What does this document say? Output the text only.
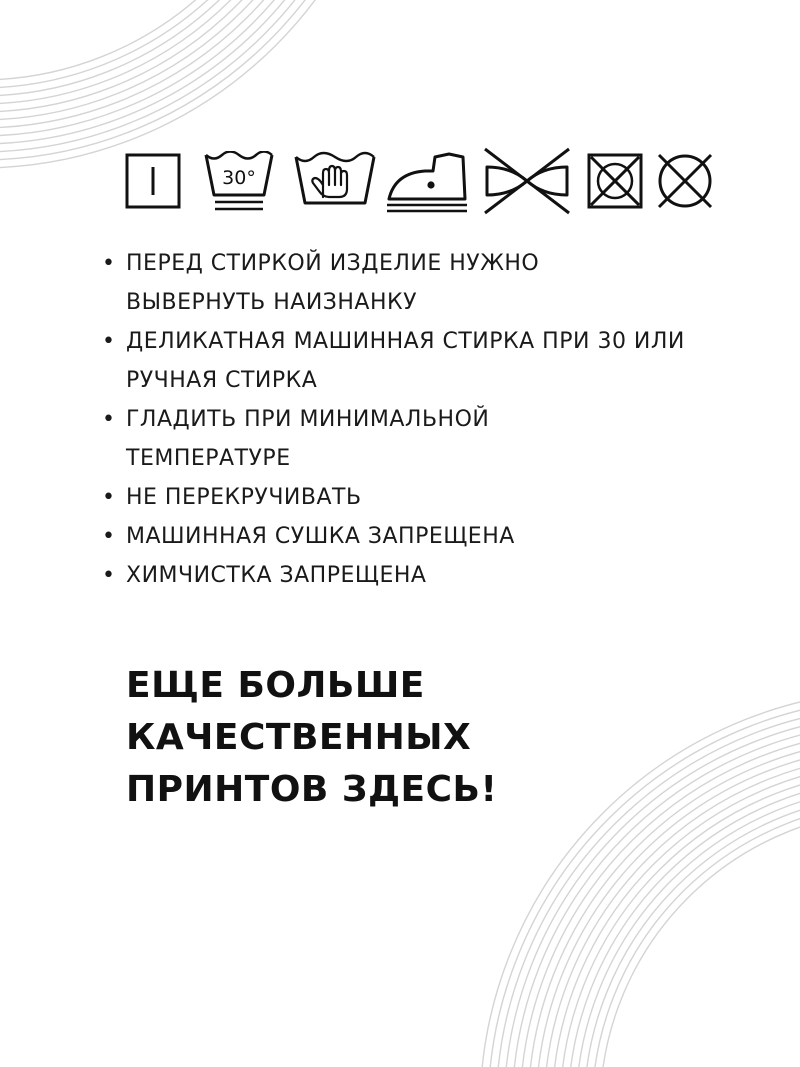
30°
• ПЕРЕД СТИРКОЙ ИЗДЕЛИЕ НУЖНО ВЫВЕРНУТЬ НАИЗНАНКУ
• ДЕЛИКАТНАЯ МАШИННАЯ СТИРКА ПРИ 30 ИЛИ РУЧНАЯ СТИРКА
• ГЛАДИТЬ ПРИ МИНИМАЛЬНОЙ ТЕМПЕРАТУРЕ
• НЕ ПЕРЕКРУЧИВАТЬ
• МАШИННАЯ СУШКА ЗАПРЕЩЕНА
• ХИМЧИСТКА ЗАПРЕЩЕНА
ЕЩЕ БОЛЬШЕ
КАЧЕСТВЕННЫХ
ПРИНТОВ ЗДЕСЬ!
